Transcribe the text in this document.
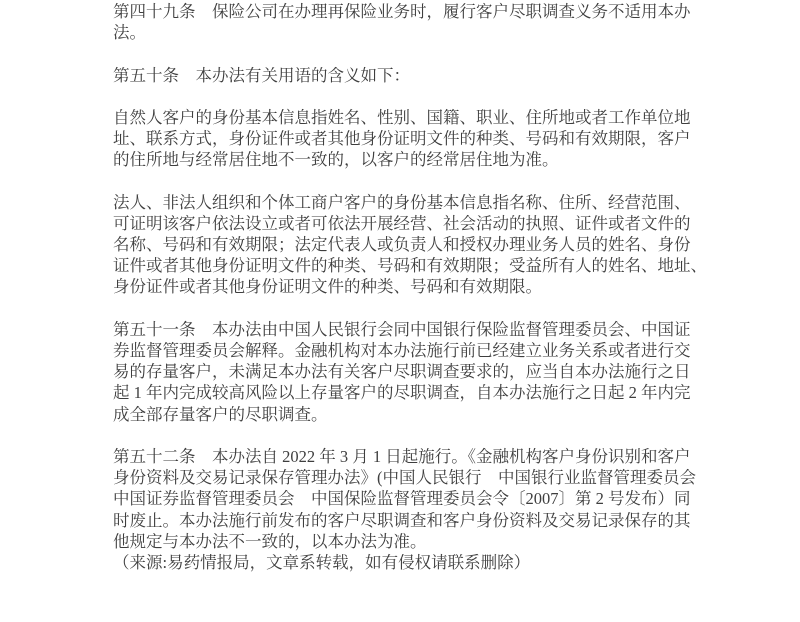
第四十九条　保险公司在办理再保险业务时，履行客户尽职调查义务不适用本办
法。
第五十条　本办法有关用语的含义如下：
自然人客户的身份基本信息指姓名、性别、国籍、职业、住所地或者工作单位地
址、联系方式，身份证件或者其他身份证明文件的种类、号码和有效期限，客户
的住所地与经常居住地不一致的，以客户的经常居住地为准。
法人、非法人组织和个体工商户客户的身份基本信息指名称、住所、经营范围、
可证明该客户依法设立或者可依法开展经营、社会活动的执照、证件或者文件的
名称、号码和有效期限；法定代表人或负责人和授权办理业务人员的姓名、身份
证件或者其他身份证明文件的种类、号码和有效期限；受益所有人的姓名、地址、
身份证件或者其他身份证明文件的种类、号码和有效期限。
第五十一条　本办法由中国人民银行会同中国银行保险监督管理委员会、中国证
券监督管理委员会解释。金融机构对本办法施行前已经建立业务关系或者进行交
易的存量客户，未满足本办法有关客户尽职调查要求的，应当自本办法施行之日
起 1 年内完成较高风险以上存量客户的尽职调查，自本办法施行之日起 2 年内完
成全部存量客户的尽职调查。
第五十二条　本办法自 2022 年 3 月 1 日起施行。《金融机构客户身份识别和客户
身份资料及交易记录保存管理办法》(中国人民银行　中国银行业监督管理委员会
中国证券监督管理委员会　中国保险监督管理委员会令〔2007〕第 2 号发布）同
时废止。本办法施行前发布的客户尽职调查和客户身份资料及交易记录保存的其
他规定与本办法不一致的，以本办法为准。
（来源:易药情报局，文章系转载，如有侵权请联系删除）
